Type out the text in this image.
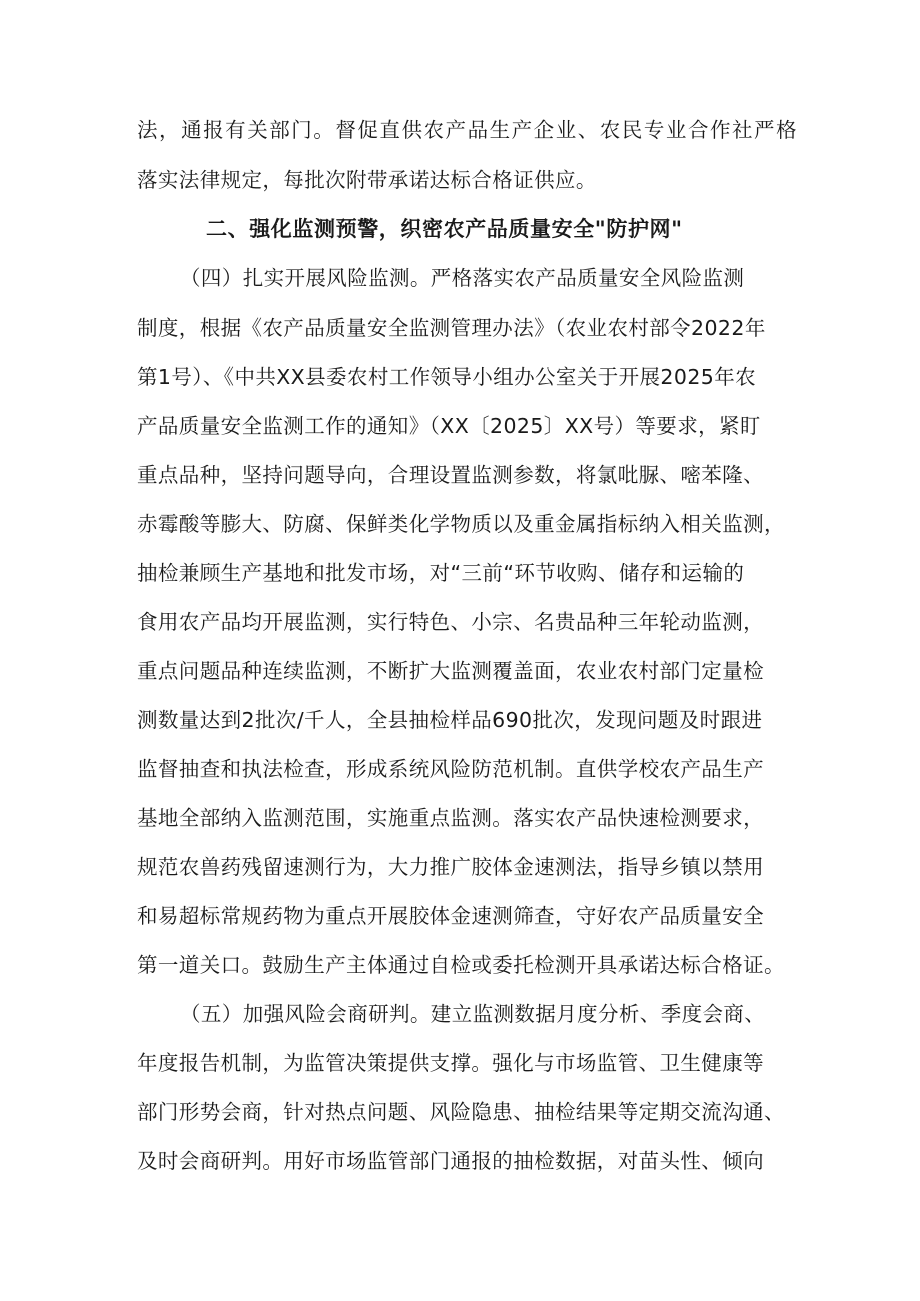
法，通报有关部门。督促直供农产品生产企业、农民专业合作社严格
落实法律规定，每批次附带承诺达标合格证供应。
二、强化监测预警，织密农产品质量安全"防护网"
（四）扎实开展风险监测。严格落实农产品质量安全风险监测
制度，根据《农产品质量安全监测管理办法》（农业农村部令2022年
第1号）、《中共XX县委农村工作领导小组办公室关于开展2025年农
产品质量安全监测工作的通知》（XX〔2025〕XX号）等要求，紧盯
重点品种，坚持问题导向，合理设置监测参数，将氯吡脲、嘧苯隆、
赤霉酸等膨大、防腐、保鲜类化学物质以及重金属指标纳入相关监测，
抽检兼顾生产基地和批发市场，对“三前“环节收购、储存和运输的
食用农产品均开展监测，实行特色、小宗、名贵品种三年轮动监测，
重点问题品种连续监测，不断扩大监测覆盖面，农业农村部门定量检
测数量达到2批次/千人，全县抽检样品690批次，发现问题及时跟进
监督抽查和执法检查，形成系统风险防范机制。直供学校农产品生产
基地全部纳入监测范围，实施重点监测。落实农产品快速检测要求，
规范农兽药残留速测行为，大力推广胶体金速测法，指导乡镇以禁用
和易超标常规药物为重点开展胶体金速测筛查，守好农产品质量安全
第一道关口。鼓励生产主体通过自检或委托检测开具承诺达标合格证。
（五）加强风险会商研判。建立监测数据月度分析、季度会商、
年度报告机制，为监管决策提供支撑。强化与市场监管、卫生健康等
部门形势会商，针对热点问题、风险隐患、抽检结果等定期交流沟通、
及时会商研判。用好市场监管部门通报的抽检数据，对苗头性、倾向
